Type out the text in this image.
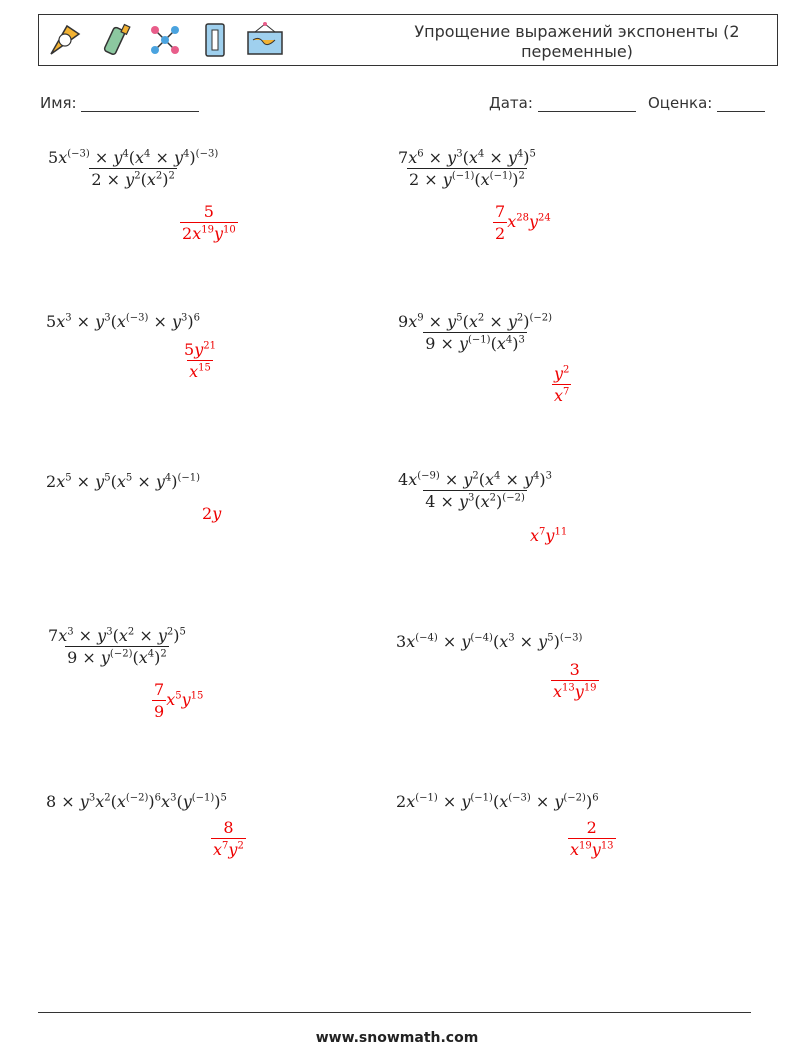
Упрощение выражений экспоненты (2 переменные)
Имя:	Дата:	Оценка:
$\frac{5x^{(-3)} \times y^4(x^4 \times y^4)^{(-3)}}{2 \times y^2(x^2)^2}$
$\frac{5}{2x^{19}y^{10}}$
$\frac{7x^6 \times y^3(x^4 \times y^4)^5}{2 \times y^{(-1)}(x^{(-1)})^2}$
$\frac{7}{2} x^{28}y^{24}$
$5x^3 \times y^3(x^{(-3)} \times y^3)^6$
$\frac{5y^{21}}{x^{15}}$
$\frac{9x^9 \times y^5(x^2 \times y^2)^{(-2)}}{9 \times y^{(-1)}(x^4)^3}$
$\frac{y^2}{x^7}$
$2x^5 \times y^5(x^5 \times y^4)^{(-1)}$
2y
$\frac{4x^{(-9)} \times y^2(x^4 \times y^4)^3}{4 \times y^3(x^2)^{(-2)}}$
$x^7y^{11}$
$\frac{7x^3 \times y^3(x^2 \times y^2)^5}{9 \times y^{(-2)}(x^4)^2}$
$\frac{7}{9} x^5y^{15}$
$3x^{(-4)} \times y^{(-4)}(x^3 \times y^5)^{(-3)}$
$\frac{3}{x^{13}y^{19}}$
$8 \times y^3x^2(x^{(-2)})^6x^3(y^{(-1)})^5$
$\frac{8}{x^7y^2}$
$2x^{(-1)} \times y^{(-1)}(x^{(-3)} \times y^{(-2)})^6$
$\frac{2}{x^{19}y^{13}}$
www.snowmath.com
